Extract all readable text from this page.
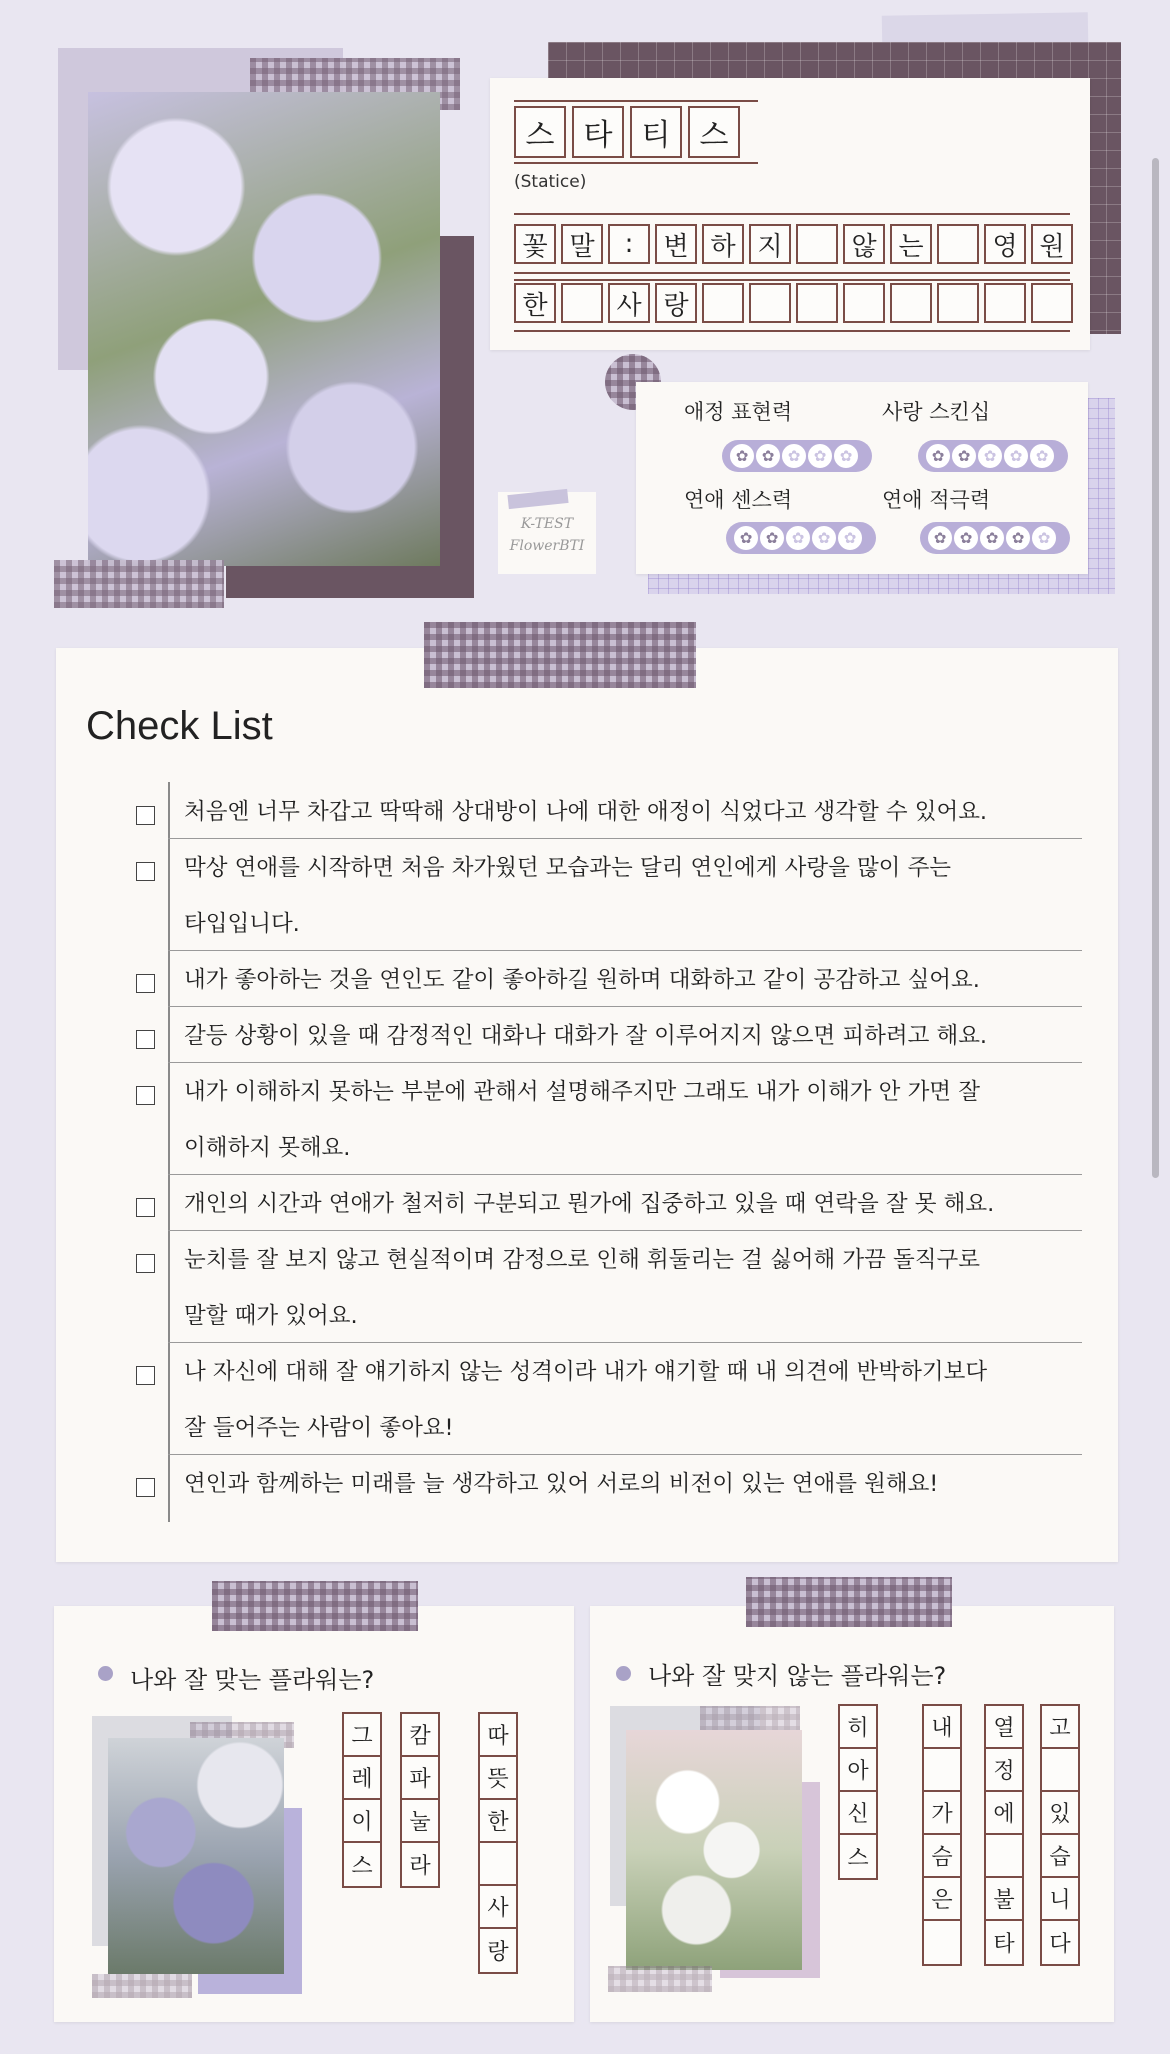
스 타 티 스
(Statice)
꽃 말	:	변 하 지	않 는	영 원
한	사 랑
K-TEST
FlowerBTI
애정 표현력
✿ ✿ ✿ ✿ ✿
사랑 스킨십
✿ ✿ ✿ ✿ ✿
연애 센스력
✿ ✿ ✿ ✿ ✿
연애 적극력
✿ ✿ ✿ ✿ ✿
Check List
처음엔 너무 차갑고 딱딱해 상대방이 나에 대한 애정이 식었다고 생각할 수 있어요.
막상 연애를 시작하면 처음 차가웠던 모습과는 달리 연인에게 사랑을 많이 주는
타입입니다.
내가 좋아하는 것을 연인도 같이 좋아하길 원하며 대화하고 같이 공감하고 싶어요.
갈등 상황이 있을 때 감정적인 대화나 대화가 잘 이루어지지 않으면 피하려고 해요.
내가 이해하지 못하는 부분에 관해서 설명해주지만 그래도 내가 이해가 안 가면 잘
이해하지 못해요.
개인의 시간과 연애가 철저히 구분되고 뭔가에 집중하고 있을 때 연락을 잘 못 해요.
눈치를 잘 보지 않고 현실적이며 감정으로 인해 휘둘리는 걸 싫어해 가끔 돌직구로
말할 때가 있어요.
나 자신에 대해 잘 얘기하지 않는 성격이라 내가 얘기할 때 내 의견에 반박하기보다
잘 들어주는 사람이 좋아요!
연인과 함께하는 미래를 늘 생각하고 있어 서로의 비전이 있는 연애를 원해요!
나와 잘 맞는 플라워는?	나와 잘 맞지 않는 플라워는?
그
레
이
스
캄
파
눌
라
따
뜻
한
사
랑
히
아
신
스
내
가
슴
은
열
정
에
불
타
고
있
습
니
다
